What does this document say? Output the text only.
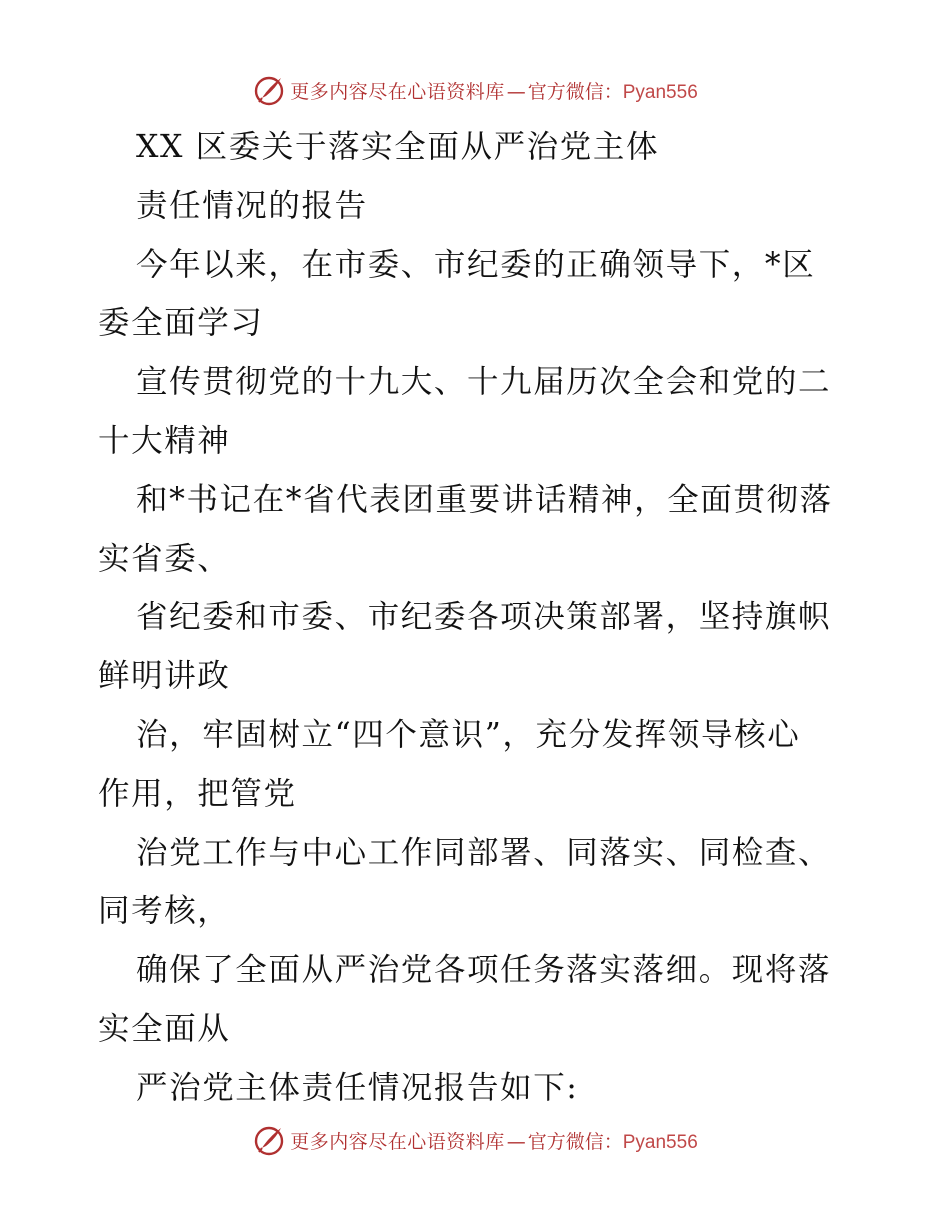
更多内容尽在心语资料库 — 官方微信： Pyan556
XX 区委关于落实全面从严治党主体
责任情况的报告
今年以来，在市委、市纪委的正确领导下，*区
委全面学习
宣传贯彻党的十九大、十九届历次全会和党的二
十大精神
和*书记在*省代表团重要讲话精神，全面贯彻落
实省委、
省纪委和市委、市纪委各项决策部署，坚持旗帜
鲜明讲政
治，牢固树立“四个意识”，充分发挥领导核心
作用，把管党
治党工作与中心工作同部署、同落实、同检查、
同考核，
确保了全面从严治党各项任务落实落细。现将落
实全面从
严治党主体责任情况报告如下:
更多内容尽在心语资料库 — 官方微信： Pyan556
